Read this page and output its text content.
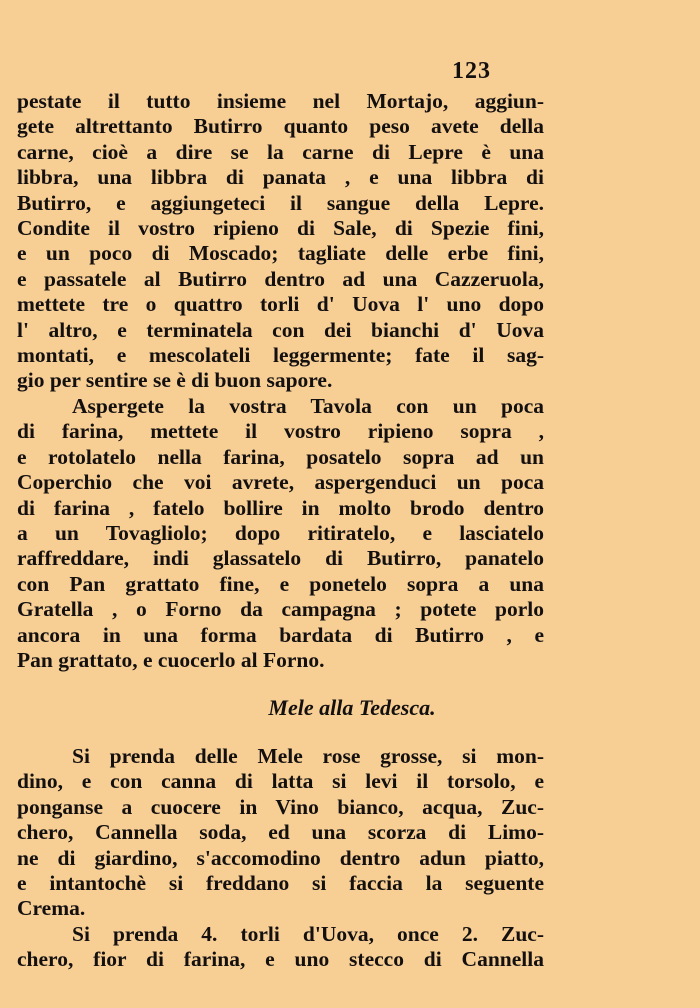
123
pestate il tutto insieme nel Mortajo, aggiun-
gete altrettanto Butirro quanto peso avete della
carne, cioè a dire se la carne di Lepre è una
libbra, una libbra di panata , e una libbra di
Butirro, e aggiungeteci il sangue della Lepre.
Condite il vostro ripieno di Sale, di Spezie fini,
e un poco di Moscado; tagliate delle erbe fini,
e passatele al Butirro dentro ad una Cazzeruola,
mettete tre o quattro torli d' Uova l' uno dopo
l' altro, e terminatela con dei bianchi d' Uova
montati, e mescolateli leggermente; fate il sag-
gio per sentire se è di buon sapore.
Aspergete la vostra Tavola con un poca
di farina, mettete il vostro ripieno sopra ,
e rotolatelo nella farina, posatelo sopra ad un
Coperchio che voi avrete, aspergenduci un poca
di farina , fatelo bollire in molto brodo dentro
a un Tovagliolo; dopo ritiratelo, e lasciatelo
raffreddare, indi glassatelo di Butirro, panatelo
con Pan grattato fine, e ponetelo sopra a una
Gratella , o Forno da campagna ; potete porlo
ancora in una forma bardata di Butirro , e
Pan grattato, e cuocerlo al Forno.
Mele alla Tedesca.
Si prenda delle Mele rose grosse, si mon-
dino, e con canna di latta si levi il torsolo, e
ponganse a cuocere in Vino bianco, acqua, Zuc-
chero, Cannella soda, ed una scorza di Limo-
ne di giardino, s'accomodino dentro adun piatto,
e intantochè si freddano si faccia la seguente
Crema.
Si prenda 4. torli d'Uova, once 2. Zuc-
chero, fior di farina, e uno stecco di Cannella
